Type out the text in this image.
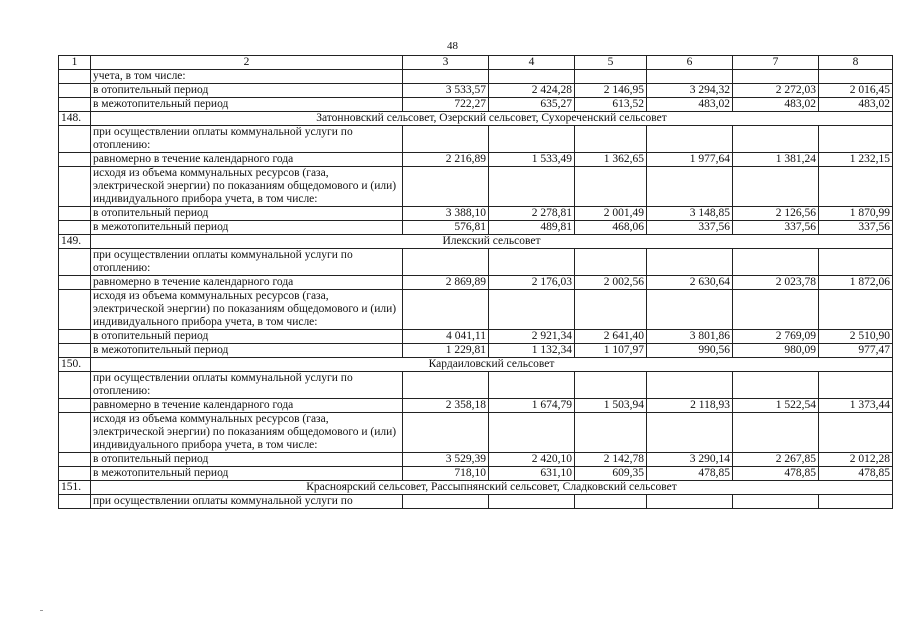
48
1	2	3	4	5	6	7	8
	учета, в том числе:						
	в отопительный период	3 533,57	2 424,28	2 146,95	3 294,32	2 272,03	2 016,45
	в межотопительный период	722,27	635,27	613,52	483,02	483,02	483,02
148.	Затонновский сельсовет, Озерский сельсовет, Сухореченский сельсовет						
	при осуществлении оплаты коммунальной услуги по отоплению:						
	равномерно в течение календарного года	2 216,89	1 533,49	1 362,65	1 977,64	1 381,24	1 232,15
	исходя из объема коммунальных ресурсов (газа, электрической энергии) по показаниям общедомового и (или) индивидуального прибора учета, в том числе:						
	в отопительный период	3 388,10	2 278,81	2 001,49	3 148,85	2 126,56	1 870,99
	в межотопительный период	576,81	489,81	468,06	337,56	337,56	337,56
149.	Илекский сельсовет						
	при осуществлении оплаты коммунальной услуги по отоплению:						
	равномерно в течение календарного года	2 869,89	2 176,03	2 002,56	2 630,64	2 023,78	1 872,06
	исходя из объема коммунальных ресурсов (газа, электрической энергии) по показаниям общедомового и (или) индивидуального прибора учета, в том числе:						
	в отопительный период	4 041,11	2 921,34	2 641,40	3 801,86	2 769,09	2 510,90
	в межотопительный период	1 229,81	1 132,34	1 107,97	990,56	980,09	977,47
150.	Кардаиловский сельсовет						
	при осуществлении оплаты коммунальной услуги по отоплению:						
	равномерно в течение календарного года	2 358,18	1 674,79	1 503,94	2 118,93	1 522,54	1 373,44
	исходя из объема коммунальных ресурсов (газа, электрической энергии) по показаниям общедомового и (или) индивидуального прибора учета, в том числе:						
	в отопительный период	3 529,39	2 420,10	2 142,78	3 290,14	2 267,85	2 012,28
	в межотопительный период	718,10	631,10	609,35	478,85	478,85	478,85
151.	Красноярский сельсовет, Рассыпнянский сельсовет, Сладковский сельсовет						
	при осуществлении оплаты коммунальной услуги по						
